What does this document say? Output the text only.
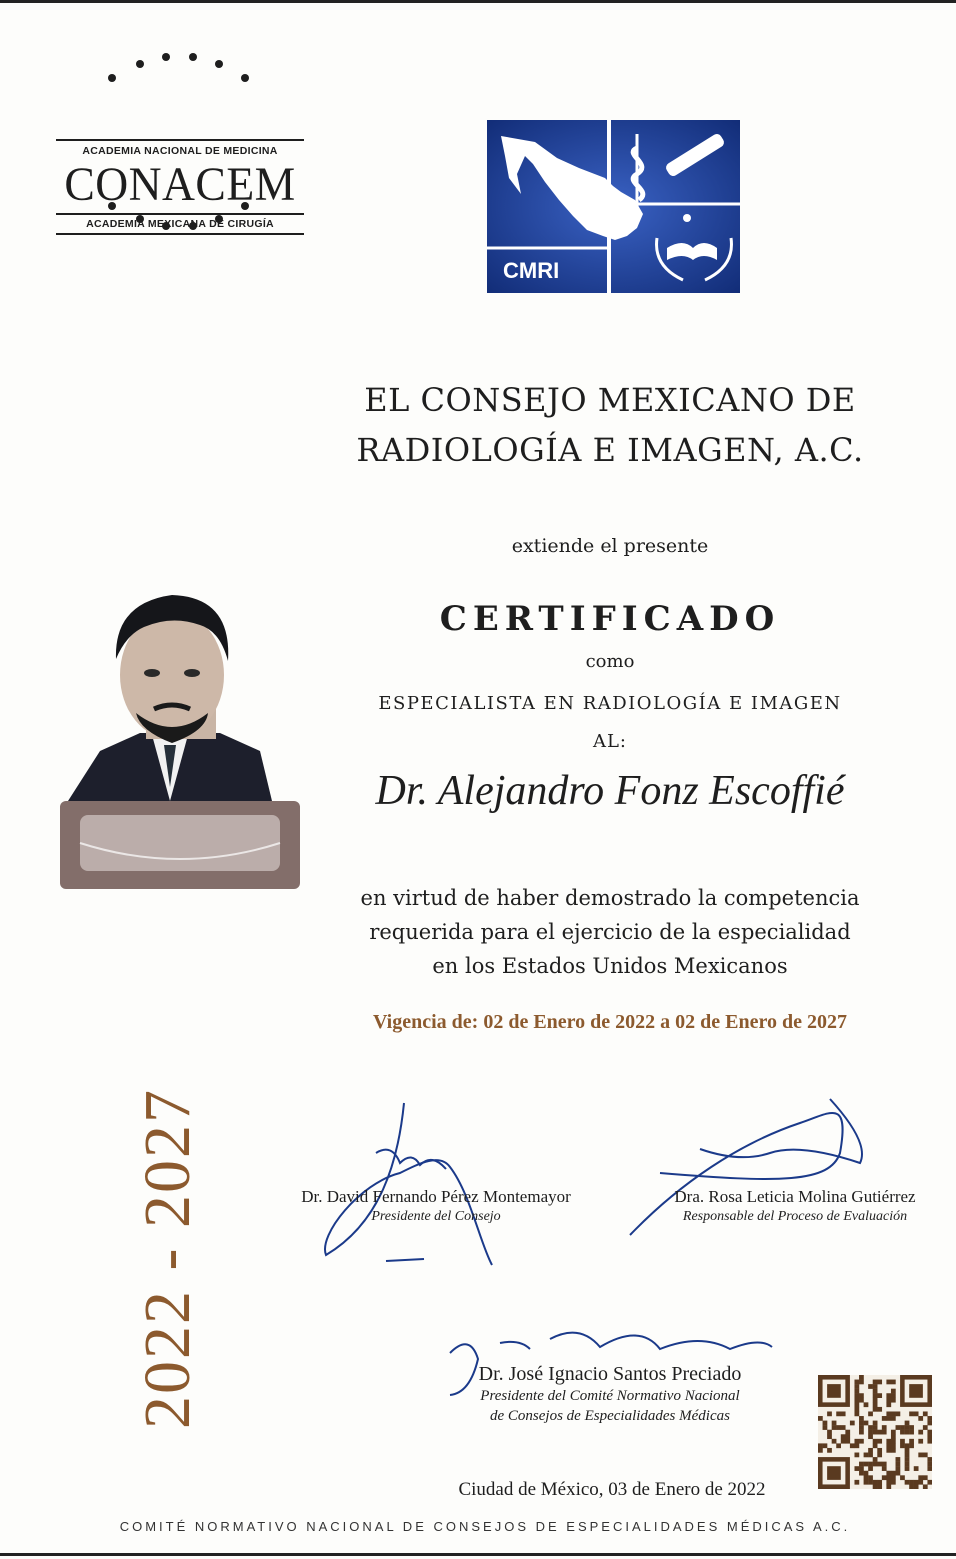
ACADEMIA NACIONAL DE MEDICINA
CONACEM
ACADEMIA MEXICANA DE CIRUGÍA
CMRI
EL CONSEJO MEXICANO DE
RADIOLOGÍA E IMAGEN, A.C.
extiende el presente
CERTIFICADO
como
ESPECIALISTA EN RADIOLOGÍA E IMAGEN
AL:
Dr. Alejandro Fonz Escoffié
en virtud de haber demostrado la competencia
requerida para el ejercicio de la especialidad
en los Estados Unidos Mexicanos
Vigencia de: 02 de Enero de 2022 a 02 de Enero de 2027
2022 - 2027	Dr. David Fernando Pérez Montemayor
Presidente del Consejo
Dra. Rosa Leticia Molina Gutiérrez
Responsable del Proceso de Evaluación
Dr. José Ignacio Santos Preciado
Presidente del Comité Normativo Nacional
de Consejos de Especialidades Médicas
Ciudad de México, 03 de Enero de 2022
COMITÉ NORMATIVO NACIONAL DE CONSEJOS DE ESPECIALIDADES MÉDICAS A.C.
